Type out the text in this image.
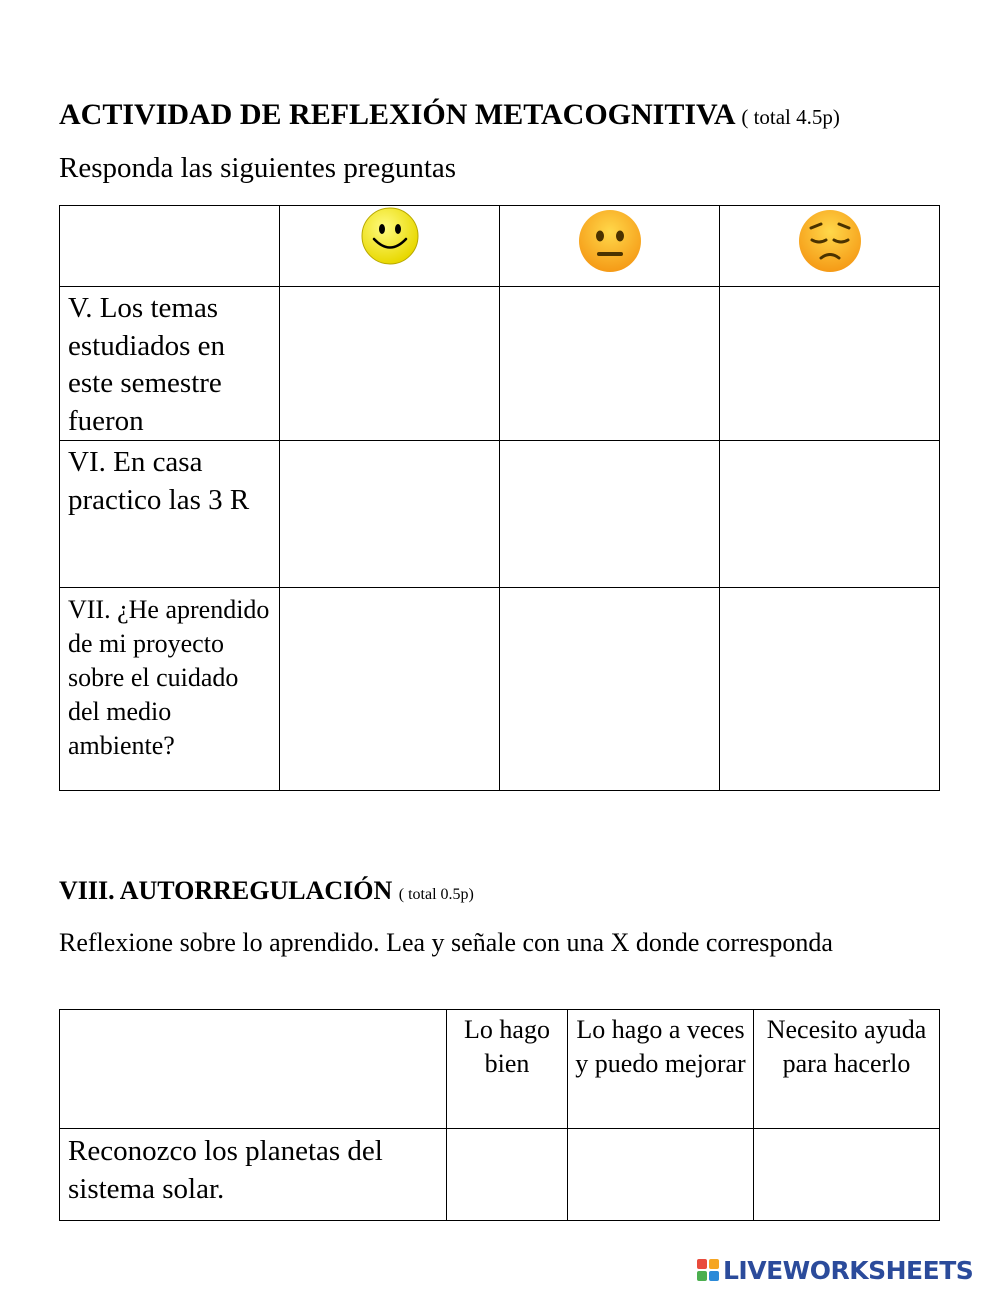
ACTIVIDAD DE REFLEXIÓN METACOGNITIVA ( total 4.5p)
Responda las siguientes preguntas

V. Los temas estudiados en este semestre fueron			
VI. En casa practico las 3 R			
VII. ¿He aprendido de mi proyecto sobre el cuidado del medio ambiente?			
VIII. AUTORREGULACIÓN ( total 0.5p)
Reflexione sobre lo aprendido. Lea y señale con una X donde corresponda
	Lo hago bien	Lo hago a veces y puedo mejorar	Necesito ayuda para hacerlo
Reconozco los planetas del sistema solar.			
LIVEWORKSHEETS
